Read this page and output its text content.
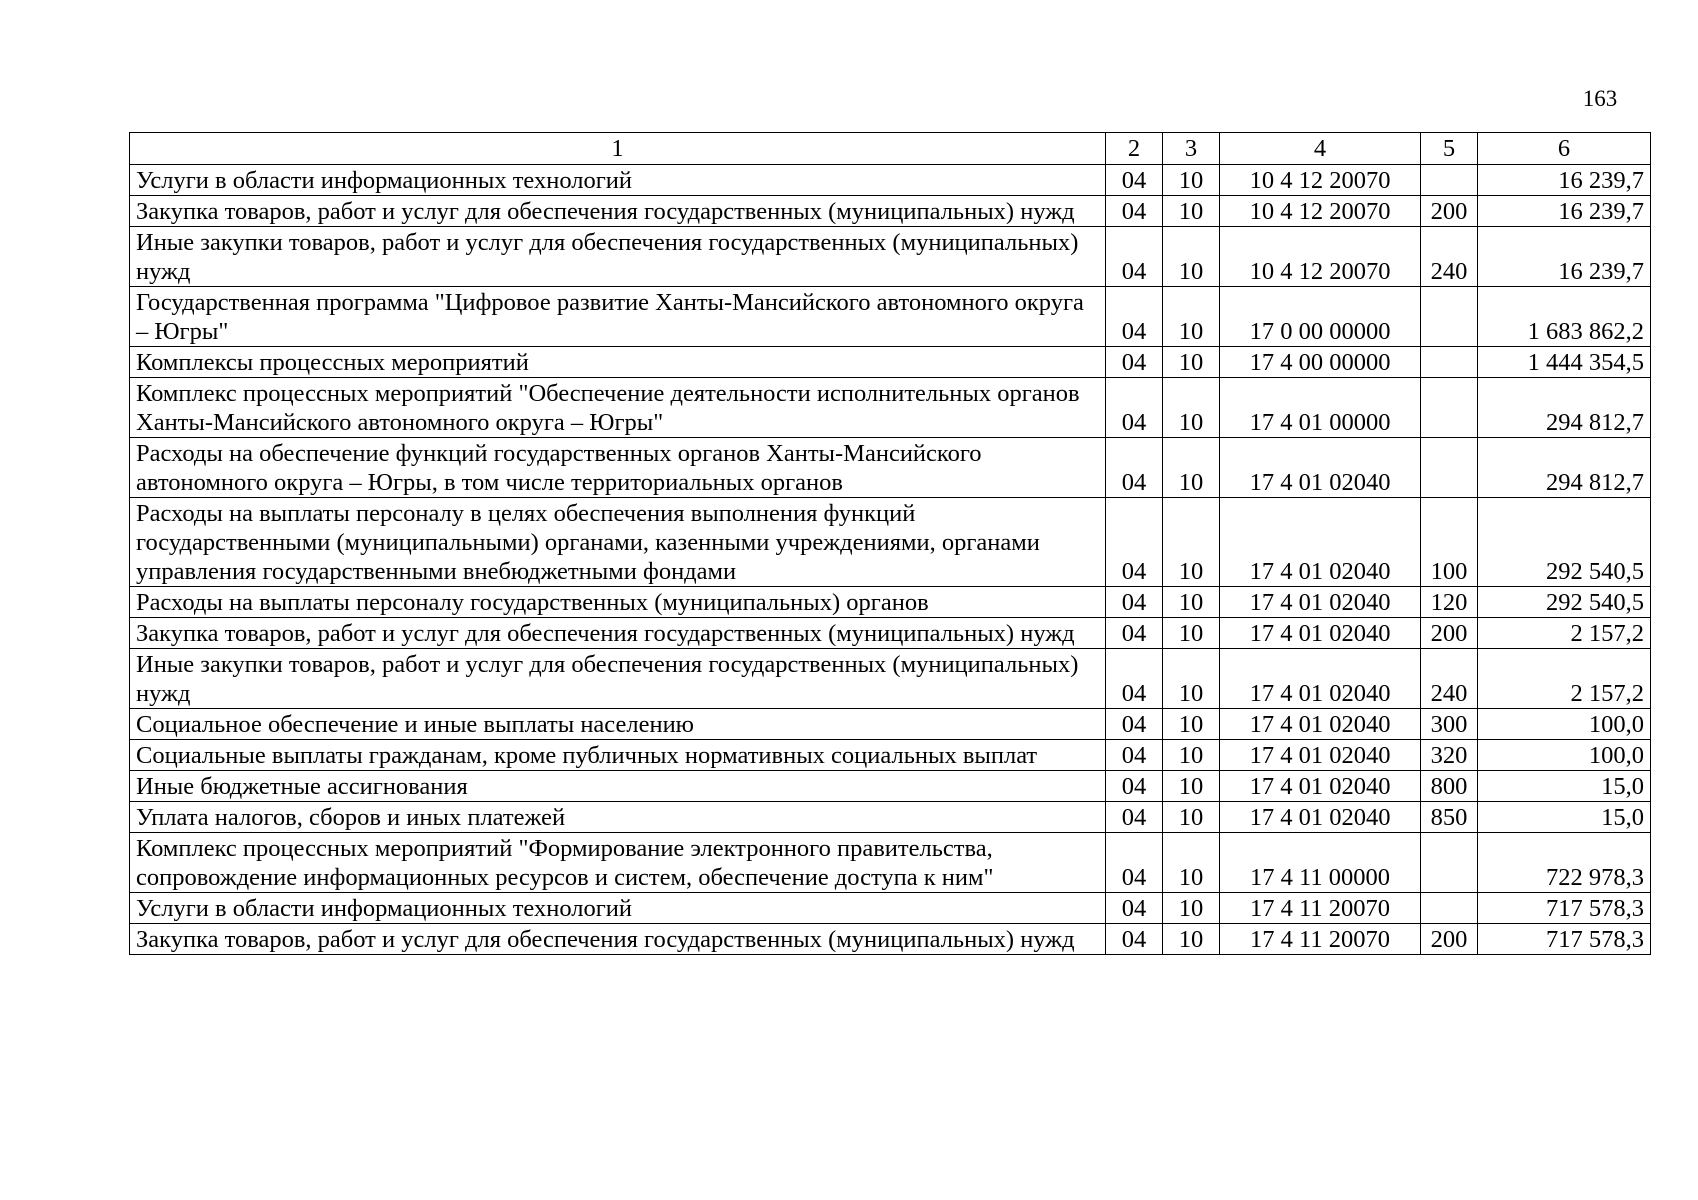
163
1	2	3	4	5	6
Услуги в области информационных технологий	04	10	10 4 12 20070		16 239,7
Закупка товаров, работ и услуг для обеспечения государственных (муниципальных) нужд	04	10	10 4 12 20070	200	16 239,7
Иные закупки товаров, работ и услуг для обеспечения государственных (муниципальных) нужд	04	10	10 4 12 20070	240	16 239,7
Государственная программа "Цифровое развитие Ханты-Мансийского автономного округа – Югры"	04	10	17 0 00 00000		1 683 862,2
Комплексы процессных мероприятий	04	10	17 4 00 00000		1 444 354,5
Комплекс процессных мероприятий "Обеспечение деятельности исполнительных органов Ханты-Мансийского автономного округа – Югры"	04	10	17 4 01 00000		294 812,7
Расходы на обеспечение функций государственных органов Ханты-Мансийского автономного округа – Югры, в том числе территориальных органов	04	10	17 4 01 02040		294 812,7
Расходы на выплаты персоналу в целях обеспечения выполнения функций государственными (муниципальными) органами, казенными учреждениями, органами управления государственными внебюджетными фондами	04	10	17 4 01 02040	100	292 540,5
Расходы на выплаты персоналу государственных (муниципальных) органов	04	10	17 4 01 02040	120	292 540,5
Закупка товаров, работ и услуг для обеспечения государственных (муниципальных) нужд	04	10	17 4 01 02040	200	2 157,2
Иные закупки товаров, работ и услуг для обеспечения государственных (муниципальных) нужд	04	10	17 4 01 02040	240	2 157,2
Социальное обеспечение и иные выплаты населению	04	10	17 4 01 02040	300	100,0
Социальные выплаты гражданам, кроме публичных нормативных социальных выплат	04	10	17 4 01 02040	320	100,0
Иные бюджетные ассигнования	04	10	17 4 01 02040	800	15,0
Уплата налогов, сборов и иных платежей	04	10	17 4 01 02040	850	15,0
Комплекс процессных мероприятий "Формирование электронного правительства, сопровождение информационных ресурсов и систем, обеспечение доступа к ним"	04	10	17 4 11 00000		722 978,3
Услуги в области информационных технологий	04	10	17 4 11 20070		717 578,3
Закупка товаров, работ и услуг для обеспечения государственных (муниципальных) нужд	04	10	17 4 11 20070	200	717 578,3
